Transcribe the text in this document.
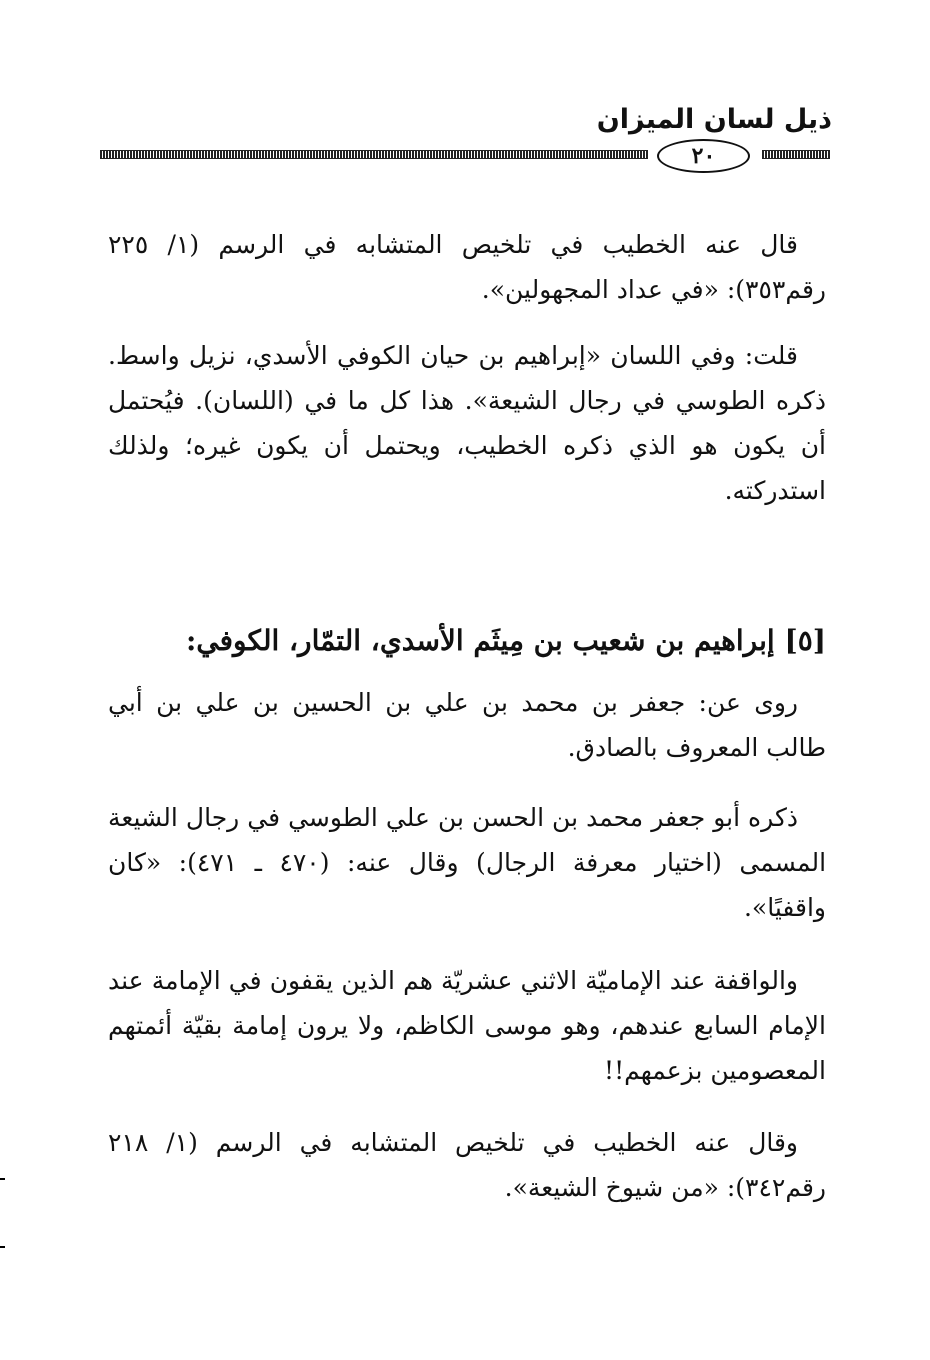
ذيل لسان الميزان
٢٠
قال عنه الخطيب في تلخيص المتشابه في الرسم (١/ ٢٢٥ رقم٣٥٣): «في عداد المجهولين».
قلت: وفي اللسان «إبراهيم بن حيان الكوفي الأسدي، نزيل واسط. ذكره الطوسي في رجال الشيعة». هذا كل ما في (اللسان). فيُحتمل أن يكون هو الذي ذكره الخطيب، ويحتمل أن يكون غيره؛ ولذلك استدركته.
[٥] إبراهيم بن شعيب بن مِيثَم الأسدي، التمّار، الكوفي:
روى عن: جعفر بن محمد بن علي بن الحسين بن علي بن أبي طالب المعروف بالصادق.
ذكره أبو جعفر محمد بن الحسن بن علي الطوسي في رجال الشيعة المسمى (اختيار معرفة الرجال) وقال عنه: (٤٧٠ ـ ٤٧١): «كان واقفيًا».
والواقفة عند الإماميّة الاثني عشريّة هم الذين يقفون في الإمامة عند الإمام السابع عندهم، وهو موسى الكاظم، ولا يرون إمامة بقيّة أئمتهم المعصومين بزعمهم!!
وقال عنه الخطيب في تلخيص المتشابه في الرسم (١/ ٢١٨ رقم٣٤٢): «من شيوخ الشيعة».
